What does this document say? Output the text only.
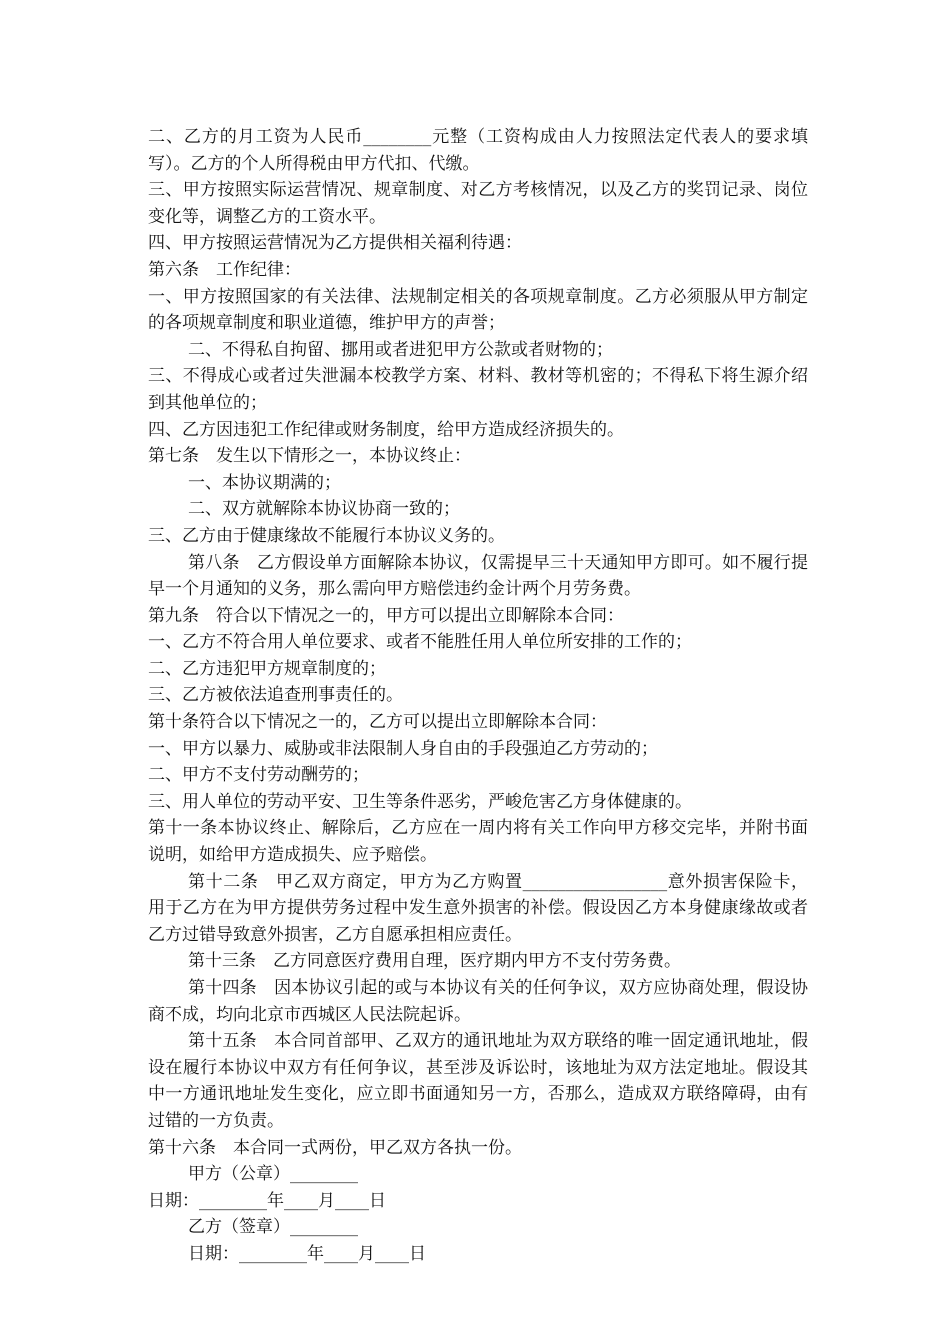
二、乙方的月工资为人民币________元整（工资构成由人力按照法定代表人的要求填写）。乙方的个人所得税由甲方代扣、代缴。

三、甲方按照实际运营情况、规章制度、对乙方考核情况，以及乙方的奖罚记录、岗位变化等，调整乙方的工资水平。

四、甲方按照运营情况为乙方提供相关福利待遇：

第六条　工作纪律：

一、甲方按照国家的有关法律、法规制定相关的各项规章制度。乙方必须服从甲方制定的各项规章制度和职业道德，维护甲方的声誉；

二、不得私自拘留、挪用或者进犯甲方公款或者财物的；

三、不得成心或者过失泄漏本校教学方案、材料、教材等机密的；不得私下将生源介绍到其他单位的；

四、乙方因违犯工作纪律或财务制度，给甲方造成经济损失的。

第七条　发生以下情形之一，本协议终止：

一、本协议期满的；

二、双方就解除本协议协商一致的；

三、乙方由于健康缘故不能履行本协议义务的。

第八条　乙方假设单方面解除本协议，仅需提早三十天通知甲方即可。如不履行提早一个月通知的义务，那么需向甲方赔偿违约金计两个月劳务费。

第九条　符合以下情况之一的，甲方可以提出立即解除本合同：

一、乙方不符合用人单位要求、或者不能胜任用人单位所安排的工作的；

二、乙方违犯甲方规章制度的；

三、乙方被依法追查刑事责任的。

第十条符合以下情况之一的，乙方可以提出立即解除本合同：

一、甲方以暴力、威胁或非法限制人身自由的手段强迫乙方劳动的；

二、甲方不支付劳动酬劳的；

三、用人单位的劳动平安、卫生等条件恶劣，严峻危害乙方身体健康的。

第十一条本协议终止、解除后，乙方应在一周内将有关工作向甲方移交完毕，并附书面说明，如给甲方造成损失、应予赔偿。

第十二条　甲乙双方商定，甲方为乙方购置_________________意外损害保险卡，用于乙方在为甲方提供劳务过程中发生意外损害的补偿。假设因乙方本身健康缘故或者乙方过错导致意外损害，乙方自愿承担相应责任。

第十三条　乙方同意医疗费用自理，医疗期内甲方不支付劳务费。

第十四条　因本协议引起的或与本协议有关的任何争议，双方应协商处理，假设协商不成，均向北京市西城区人民法院起诉。

第十五条　本合同首部甲、乙双方的通讯地址为双方联络的唯一固定通讯地址，假设在履行本协议中双方有任何争议，甚至涉及诉讼时，该地址为双方法定地址。假设其中一方通讯地址发生变化，应立即书面通知另一方，否那么，造成双方联络障碍，由有过错的一方负责。

第十六条　本合同一式两份，甲乙双方各执一份。

甲方（公章）________

日期：________年____月____日

乙方（签章）________

日期：________年____月____日
